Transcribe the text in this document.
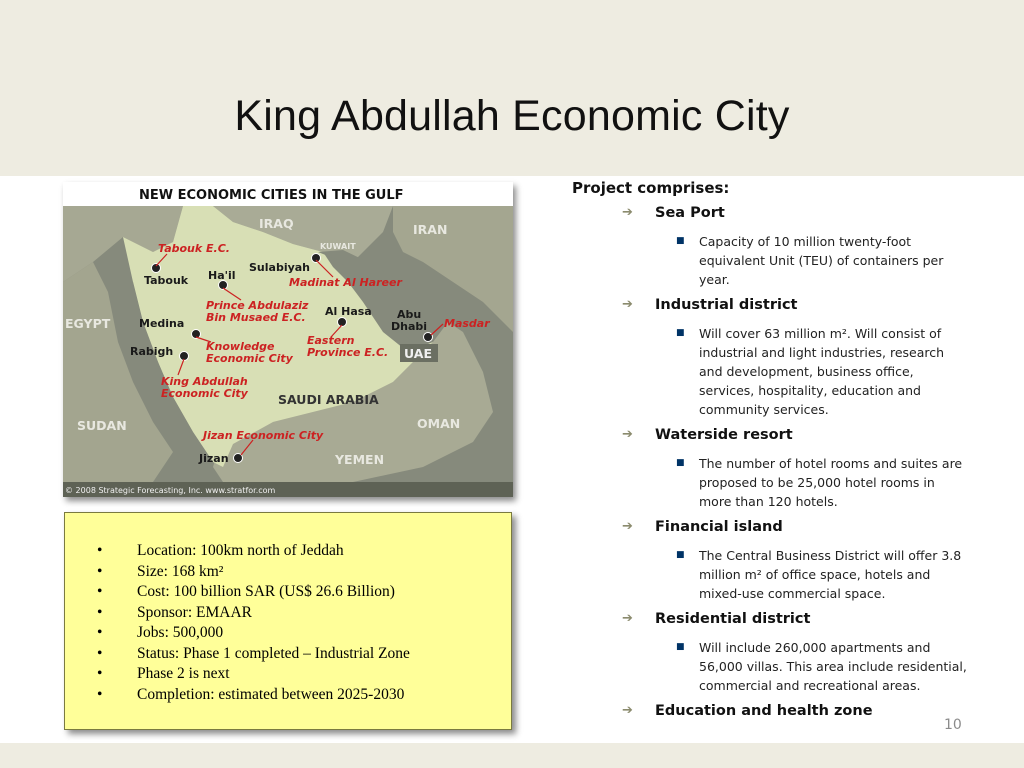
King Abdullah Economic City
NEW ECONOMIC CITIES IN THE GULF
IRAQ	IRAN
KUWAIT
EGYPT
UAE
SAUDI ARABIA
SUDAN	OMAN
YEMEN
Tabouk Ha'il
Sulabiyah
Medina
Rabigh
Al Hasa Abu
Dhabi
Jizan
Tabouk E.C.
Madinat Al Hareer
Prince Abdulaziz
Bin Musaed E.C.
Knowledge
Economic City
Eastern
Province E.C.
Masdar
King Abdullah
Economic City
Jizan Economic City
© 2008 Strategic Forecasting, Inc. www.stratfor.com
• Location: 100km north of Jeddah
• Size: 168 km²
• Cost: 100 billion SAR (US$ 26.6 Billion)
• Sponsor: EMAAR
• Jobs: 500,000
• Status: Phase 1 completed – Industrial Zone
• Phase 2 is next
• Completion: estimated between 2025-2030
Project comprises:
➔ Sea Port
■ Capacity of 10 million twenty-foot equivalent Unit (TEU) of containers per year.
➔ Industrial district
■ Will cover 63 million m². Will consist of industrial and light industries, research and development, business office, services, hospitality, education and community services.
➔ Waterside resort
■ The number of hotel rooms and suites are proposed to be 25,000 hotel rooms in more than 120 hotels.
➔ Financial island
■ The Central Business District will offer 3.8 million m² of office space, hotels and mixed-use commercial space.
➔ Residential district
■ Will include 260,000 apartments and 56,000 villas. This area include residential, commercial and recreational areas.
➔ Education and health zone
10
